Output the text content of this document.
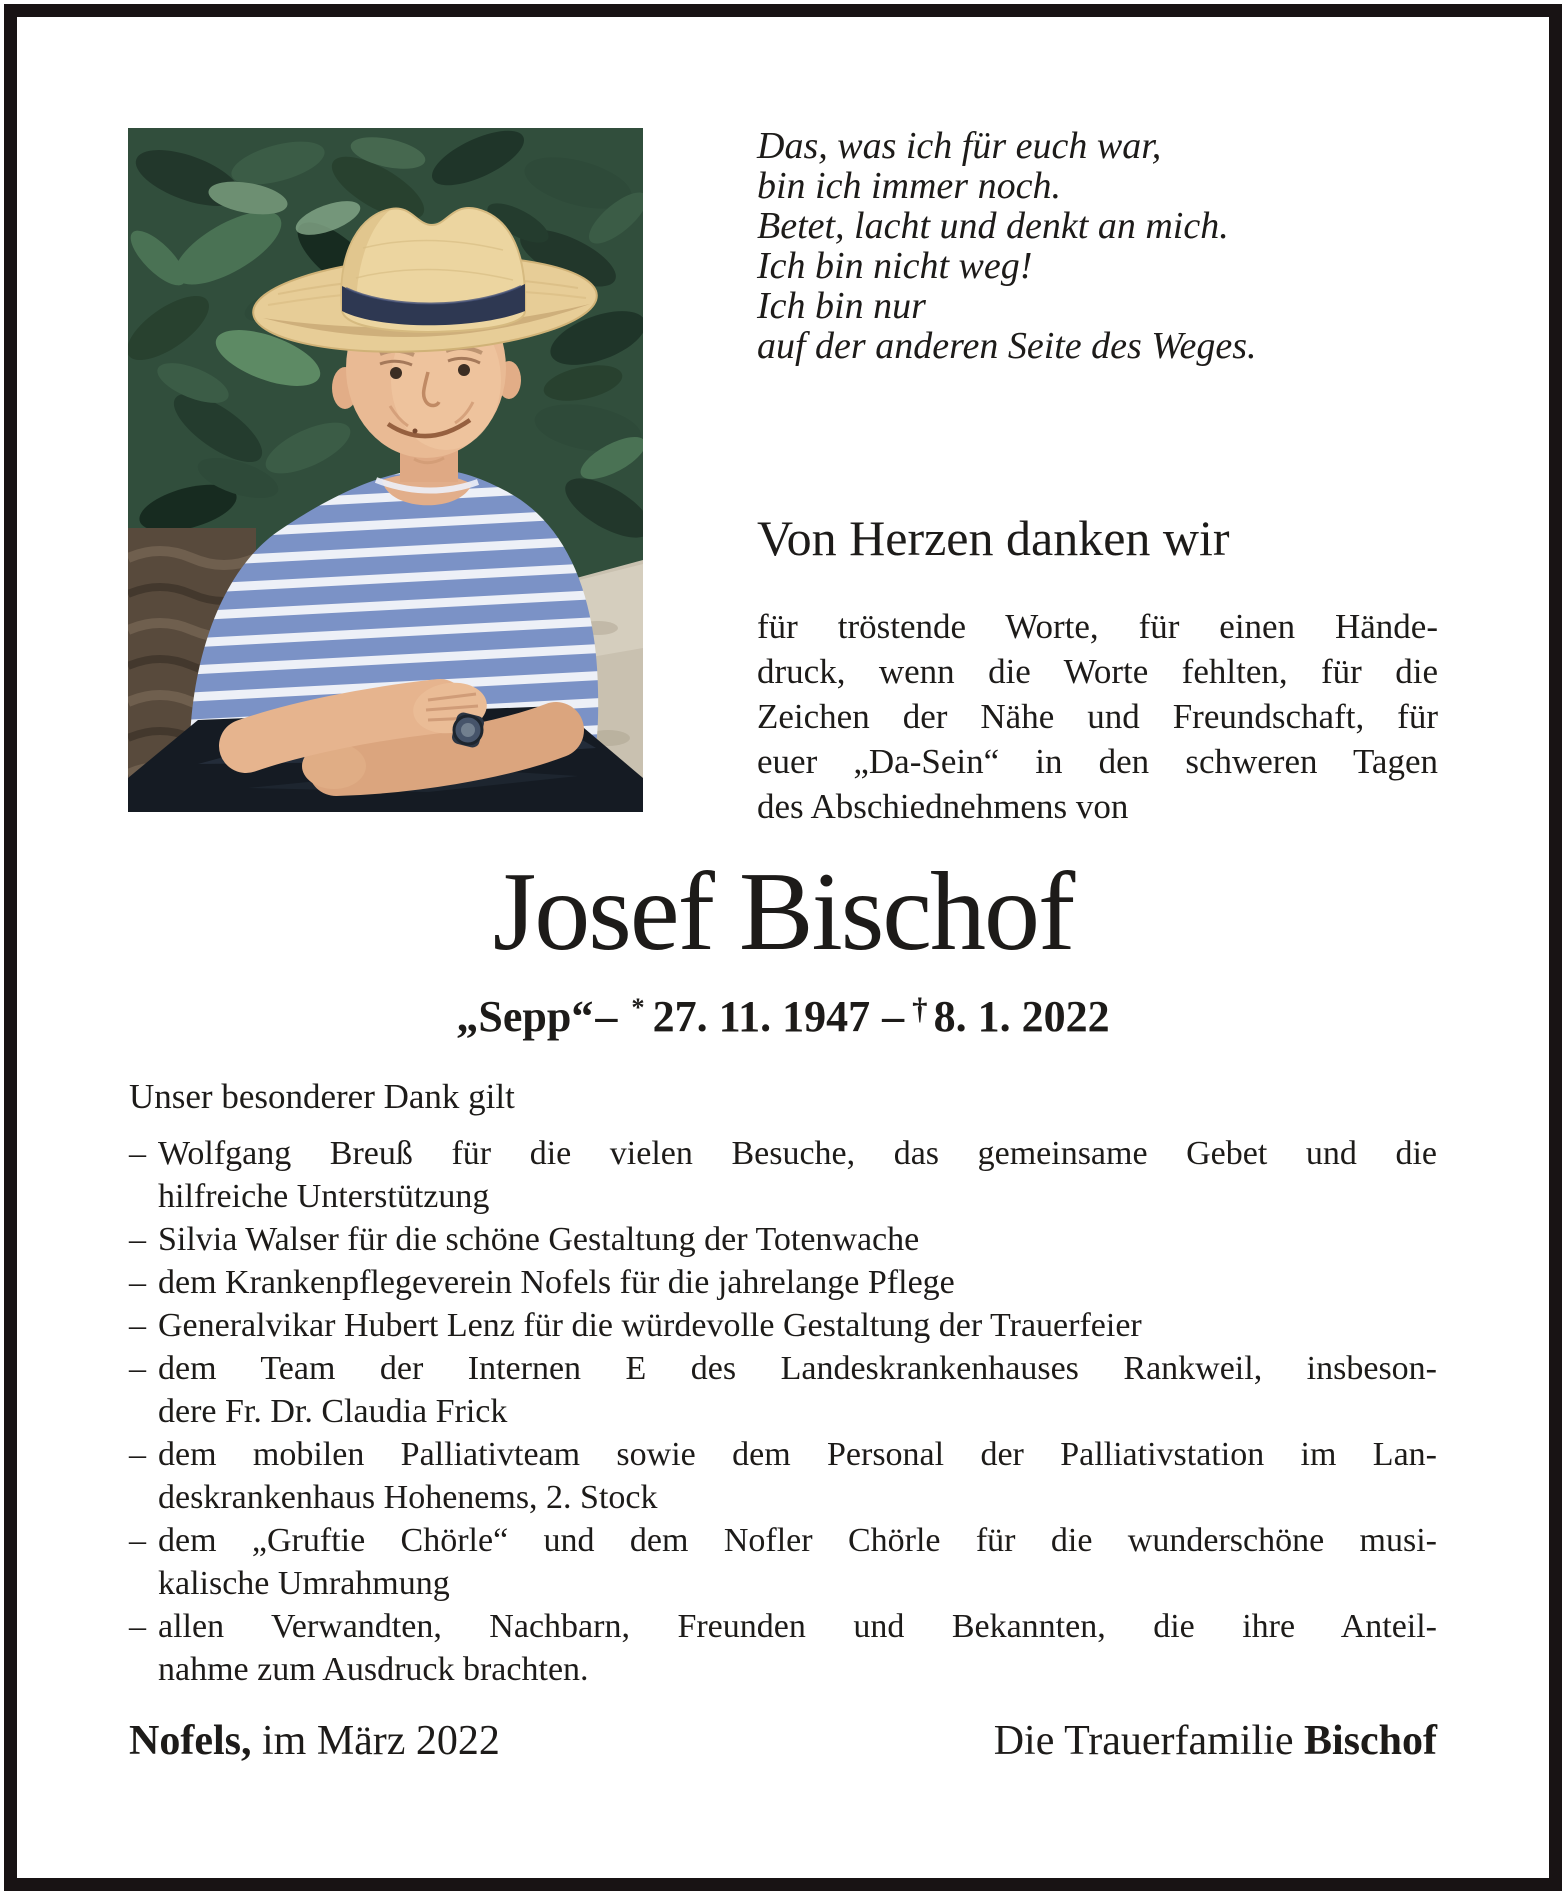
Das, was ich für euch war,
bin ich immer noch.
Betet, lacht und denkt an mich.
Ich bin nicht weg!
Ich bin nur
auf der anderen Seite des Weges.
Von Herzen danken wir
für tröstende Worte, für einen Hände-
druck, wenn die Worte fehlten, für die
Zeichen der Nähe und Freundschaft, für
euer „Da-Sein“ in den schweren Tagen
des Abschiednehmens von
Josef Bischof
„Sepp“– * 27. 11. 1947 – † 8. 1. 2022
Unser besonderer Dank gilt
– Wolfgang Breuß für die vielen Besuche, das gemeinsame Gebet und die
hilfreiche Unterstützung
– Silvia Walser für die schöne Gestaltung der Totenwache
– dem Krankenpflegeverein Nofels für die jahrelange Pflege
– Generalvikar Hubert Lenz für die würdevolle Gestaltung der Trauerfeier
– dem Team der Internen E des Landeskrankenhauses Rankweil, insbeson-
dere Fr. Dr. Claudia Frick
– dem mobilen Palliativteam sowie dem Personal der Palliativstation im Lan-
deskrankenhaus Hohenems, 2. Stock
– dem „Gruftie Chörle“ und dem Nofler Chörle für die wunderschöne musi-
kalische Umrahmung
– allen Verwandten, Nachbarn, Freunden und Bekannten, die ihre Anteil-
nahme zum Ausdruck brachten.
Nofels, im März 2022	Die Trauerfamilie Bischof
